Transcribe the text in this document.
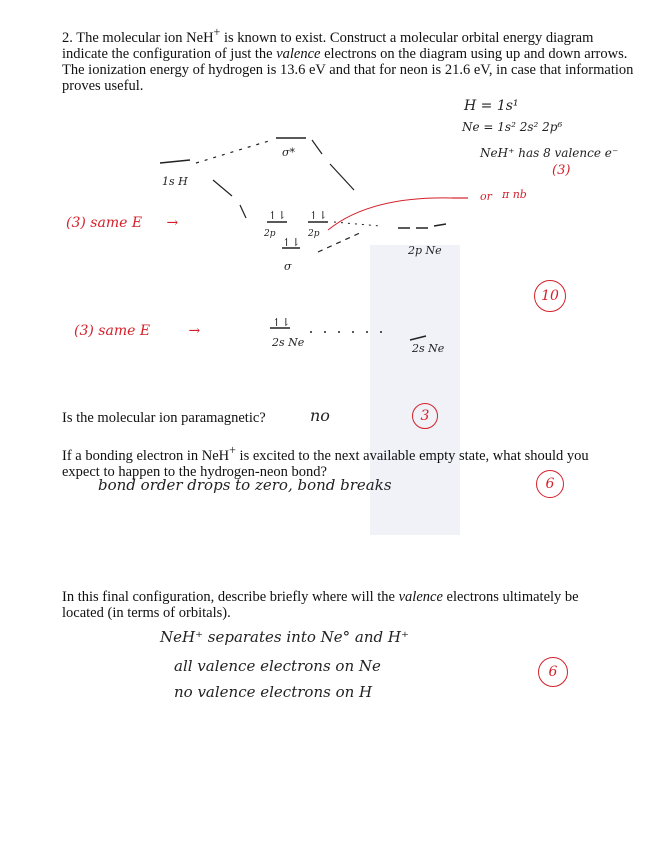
2. The molecular ion NeH+ is known to exist. Construct a molecular orbital energy diagram indicate the configuration of just the valence electrons on the diagram using up and down arrows. The ionization energy of hydrogen is 13.6 eV and that for neon is 21.6 eV, in case that information proves useful.
H = 1s¹
Ne = 1s² 2s² 2p⁶
NeH⁺ has 8 valence e⁻
(3)
σ*
1s H
↿⇂
2p
↿⇂
2p
↿⇂
σ
2p Ne
or π nb
↿⇂
2s Ne	2s Ne
(3) same E →
(3) same E	→
10
Is the molecular ion paramagnetic?	no	3
If a bonding electron in NeH+ is excited to the next available empty state, what should you expect to happen to the hydrogen-neon bond?
bond order drops to zero, bond breaks	6
In this final configuration, describe briefly where will the valence electrons ultimately be located (in terms of orbitals).
NeH⁺ separates into Ne° and H⁺
all valence electrons on Ne
no valence electrons on H
6
